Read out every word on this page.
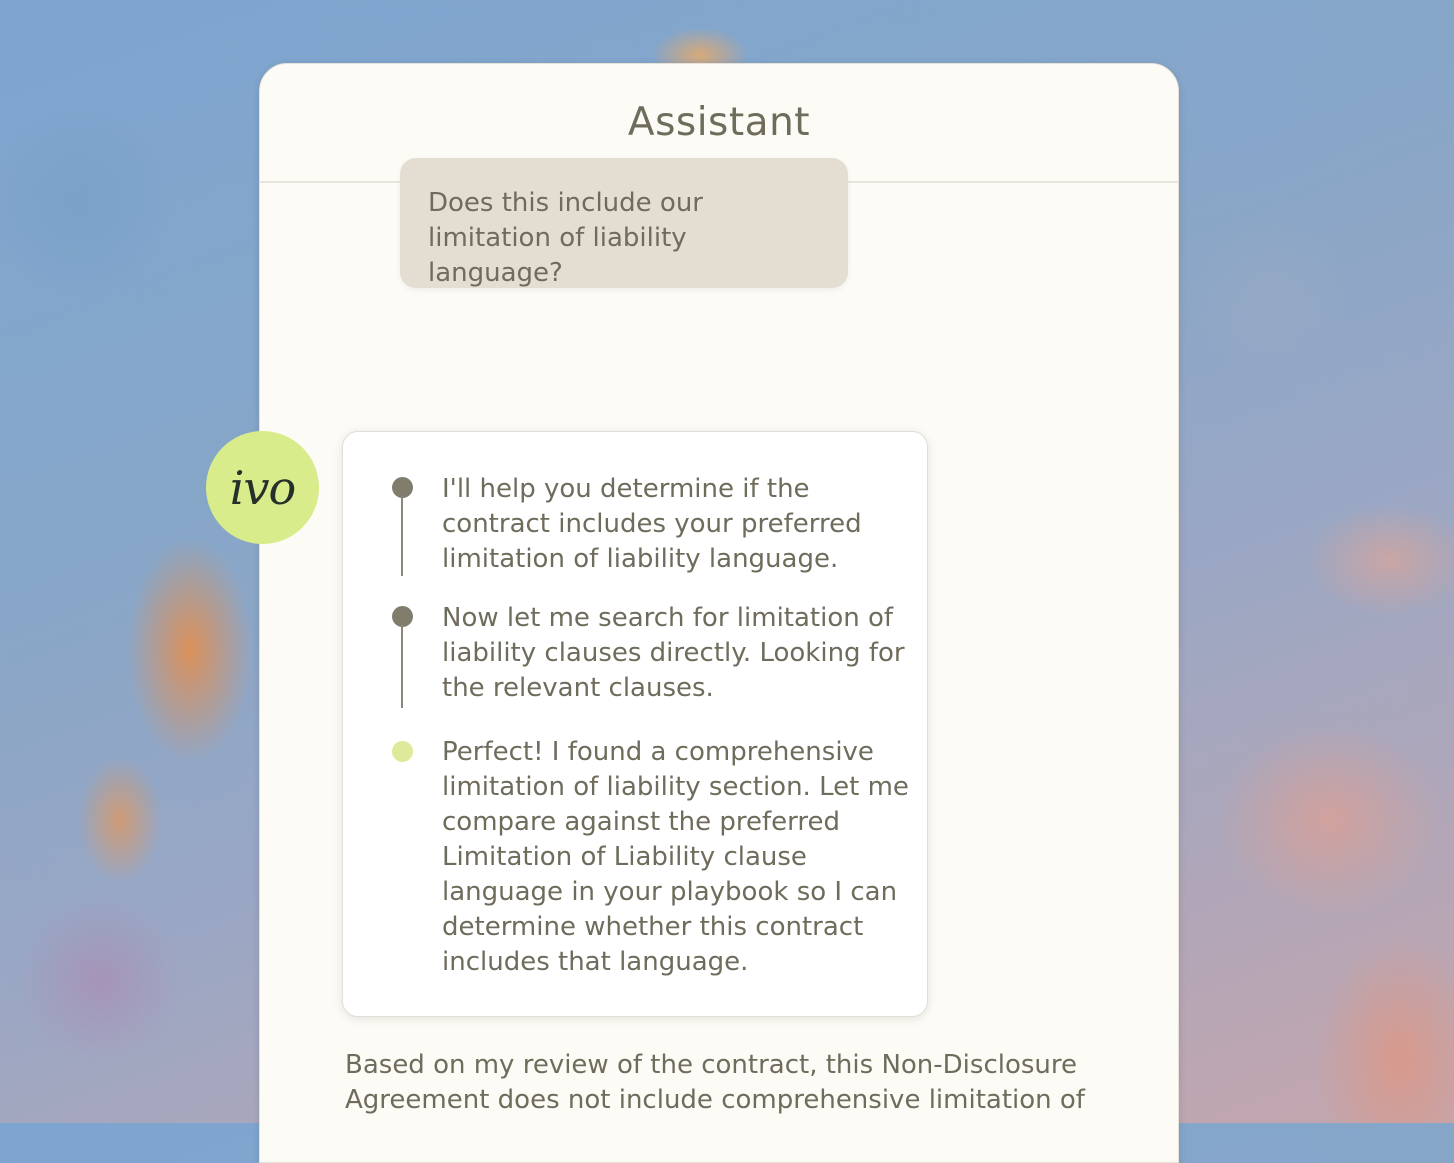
Assistant
Does this include our limitation of liability language?
ivo	I'll help you determine if the contract includes your preferred limitation of liability language.
Now let me search for limitation of liability clauses directly. Looking for the relevant clauses.
Perfect! I found a comprehensive limitation of liability section. Let me compare against the preferred Limitation of Liability clause language in your playbook so I can determine whether this contract includes that language.
Based on my review of the contract, this Non-Disclosure Agreement does not include comprehensive limitation of
